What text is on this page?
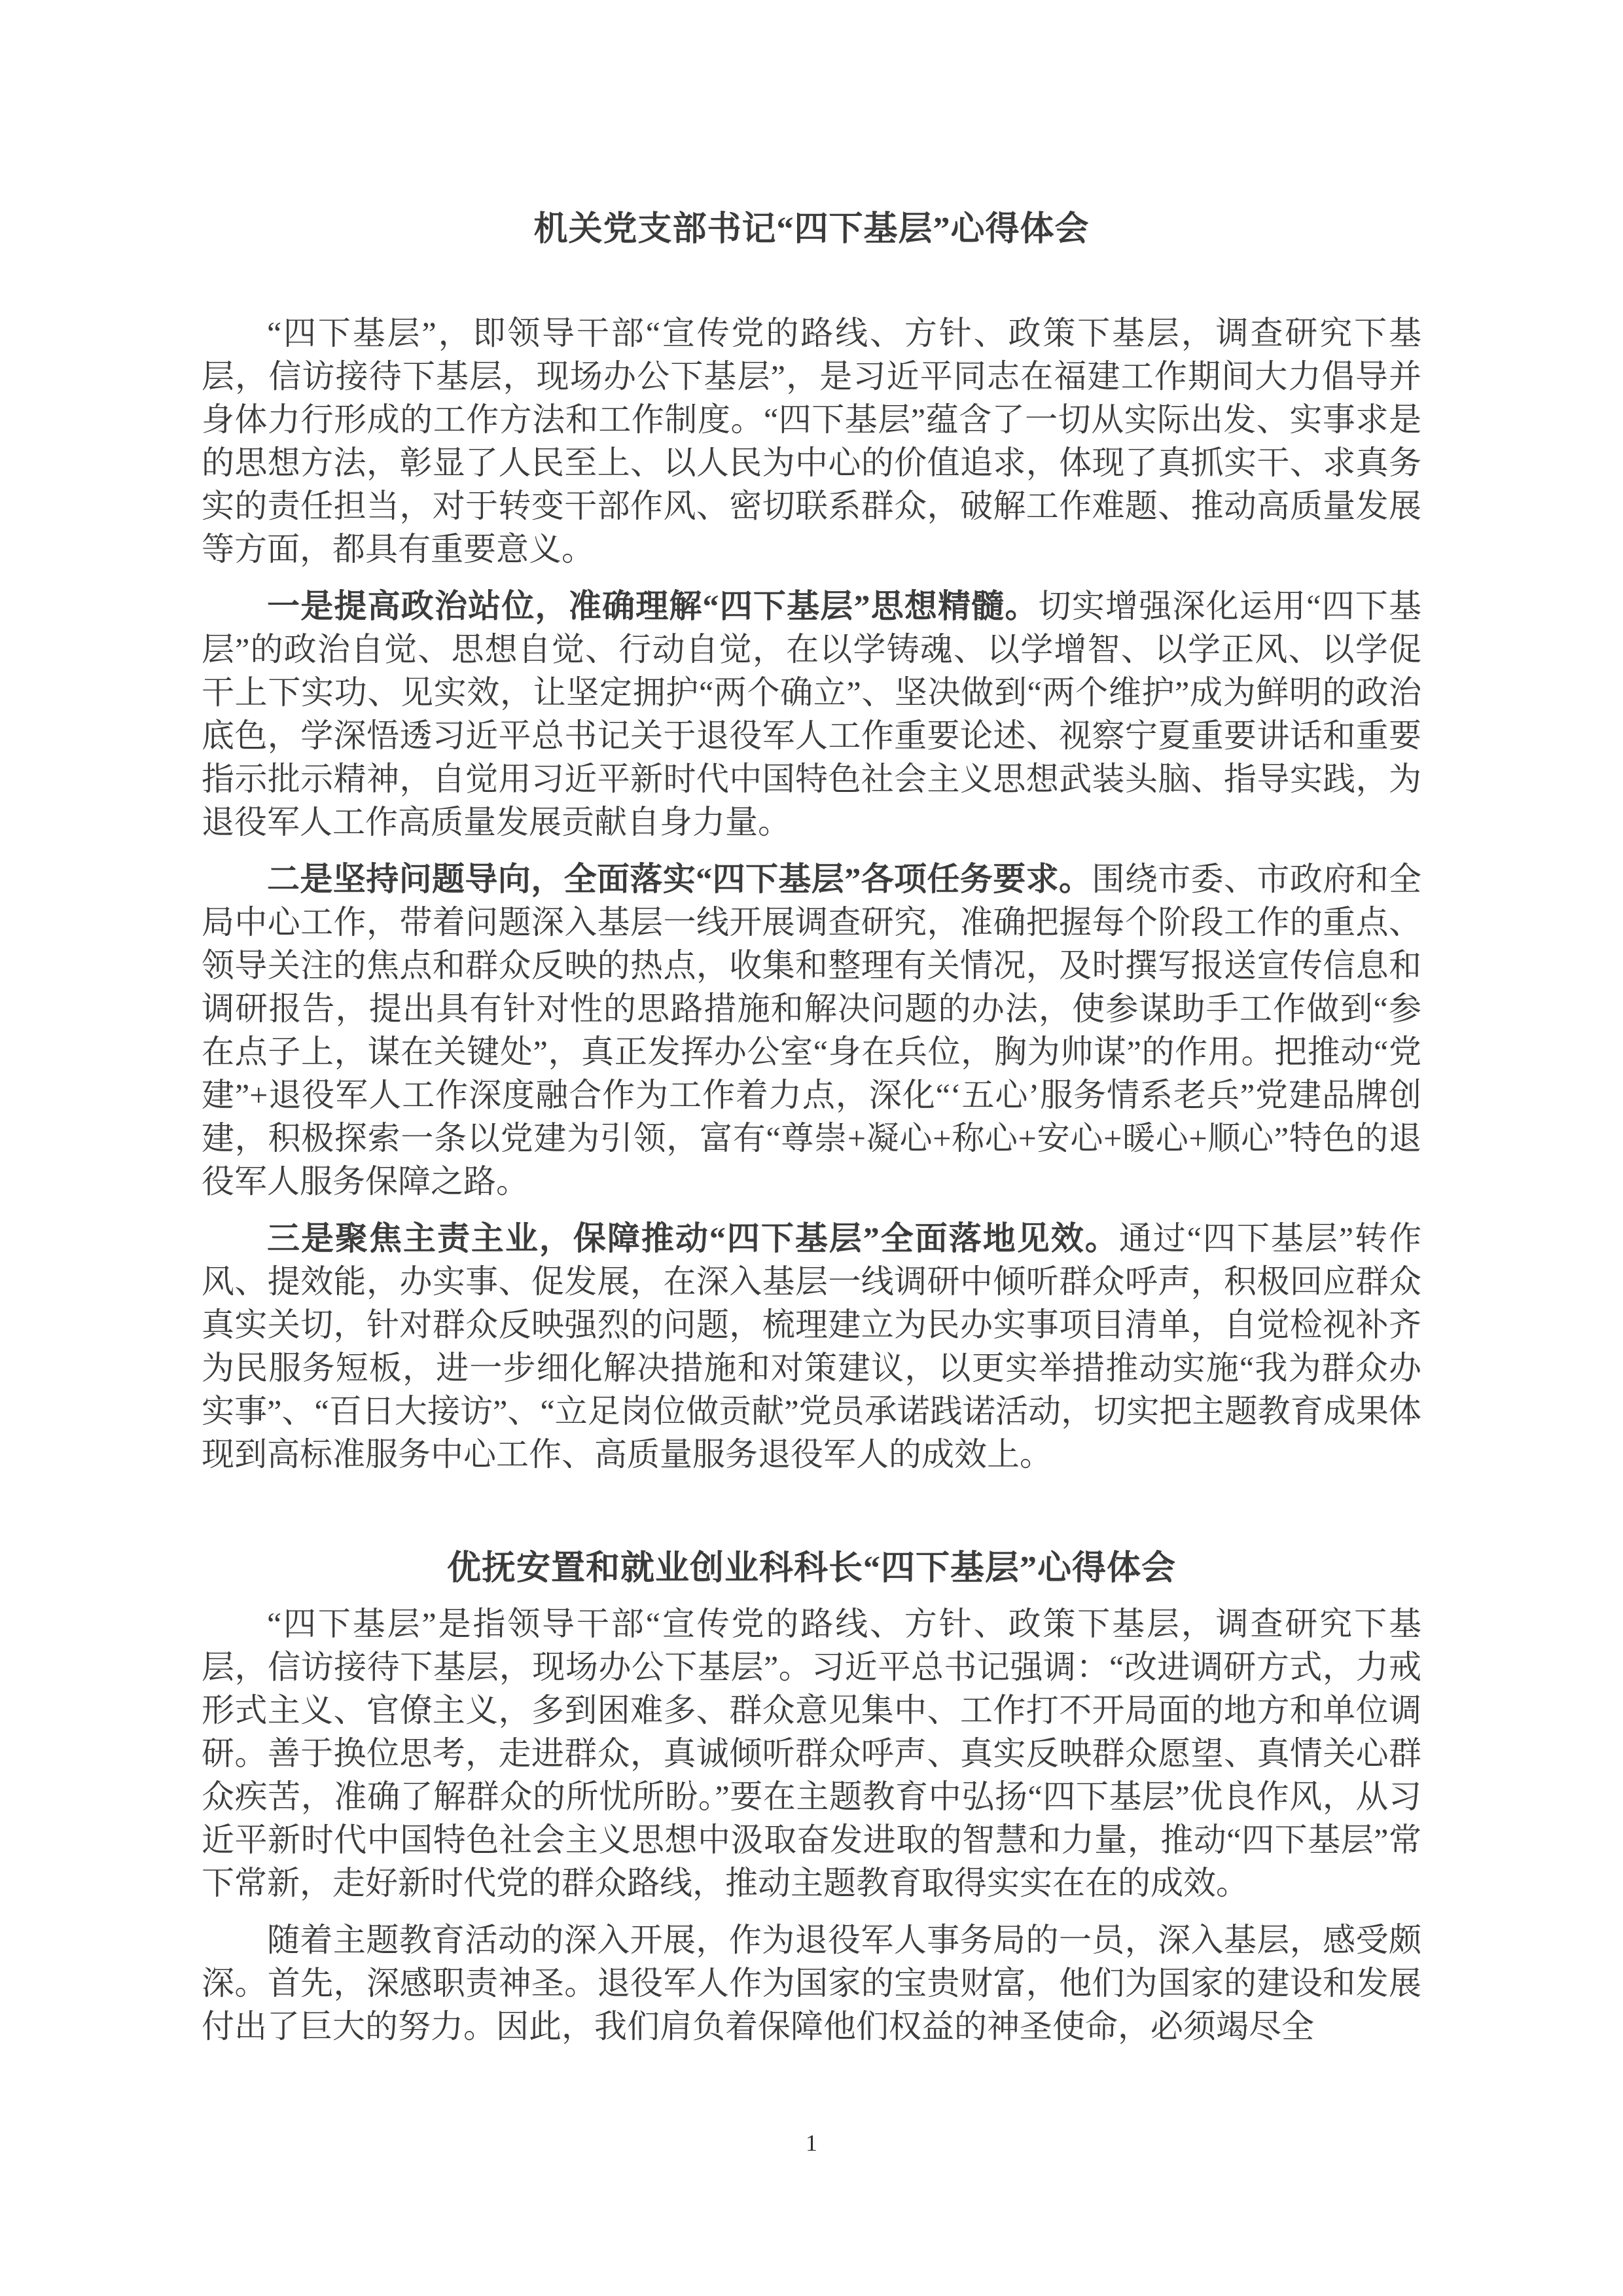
机关党支部书记“四下基层”心得体会

“四下基层”，即领导干部“宣传党的路线、方针、政策下基层，调查研究下基层，信访接待下基层，现场办公下基层”，是习近平同志在福建工作期间大力倡导并身体力行形成的工作方法和工作制度。“四下基层”蕴含了一切从实际出发、实事求是的思想方法，彰显了人民至上、以人民为中心的价值追求，体现了真抓实干、求真务实的责任担当，对于转变干部作风、密切联系群众，破解工作难题、推动高质量发展等方面，都具有重要意义。

一是提高政治站位，准确理解“四下基层”思想精髓。切实增强深化运用“四下基层”的政治自觉、思想自觉、行动自觉，在以学铸魂、以学增智、以学正风、以学促干上下实功、见实效，让坚定拥护“两个确立”、坚决做到“两个维护”成为鲜明的政治底色，学深悟透习近平总书记关于退役军人工作重要论述、视察宁夏重要讲话和重要指示批示精神，自觉用习近平新时代中国特色社会主义思想武装头脑、指导实践，为退役军人工作高质量发展贡献自身力量。

二是坚持问题导向，全面落实“四下基层”各项任务要求。围绕市委、市政府和全局中心工作，带着问题深入基层一线开展调查研究，准确把握每个阶段工作的重点、领导关注的焦点和群众反映的热点，收集和整理有关情况，及时撰写报送宣传信息和调研报告，提出具有针对性的思路措施和解决问题的办法，使参谋助手工作做到“参在点子上，谋在关键处”，真正发挥办公室“身在兵位，胸为帅谋”的作用。把推动“党建”+退役军人工作深度融合作为工作着力点，深化“‘五心’服务情系老兵”党建品牌创建，积极探索一条以党建为引领，富有“尊崇+凝心+称心+安心+暖心+顺心”特色的退役军人服务保障之路。

三是聚焦主责主业，保障推动“四下基层”全面落地见效。通过“四下基层”转作风、提效能，办实事、促发展，在深入基层一线调研中倾听群众呼声，积极回应群众真实关切，针对群众反映强烈的问题，梳理建立为民办实事项目清单，自觉检视补齐为民服务短板，进一步细化解决措施和对策建议，以更实举措推动实施“我为群众办实事”、“百日大接访”、“立足岗位做贡献”党员承诺践诺活动，切实把主题教育成果体现到高标准服务中心工作、高质量服务退役军人的成效上。

优抚安置和就业创业科科长“四下基层”心得体会

“四下基层”是指领导干部“宣传党的路线、方针、政策下基层，调查研究下基层，信访接待下基层，现场办公下基层”。习近平总书记强调：“改进调研方式，力戒形式主义、官僚主义，多到困难多、群众意见集中、工作打不开局面的地方和单位调研。善于换位思考，走进群众，真诚倾听群众呼声、真实反映群众愿望、真情关心群众疾苦，准确了解群众的所忧所盼。”要在主题教育中弘扬“四下基层”优良作风，从习近平新时代中国特色社会主义思想中汲取奋发进取的智慧和力量，推动“四下基层”常下常新，走好新时代党的群众路线，推动主题教育取得实实在在的成效。

随着主题教育活动的深入开展，作为退役军人事务局的一员，深入基层，感受颇深。首先，深感职责神圣。退役军人作为国家的宝贵财富，他们为国家的建设和发展付出了巨大的努力。因此，我们肩负着保障他们权益的神圣使命，必须竭尽全

1
